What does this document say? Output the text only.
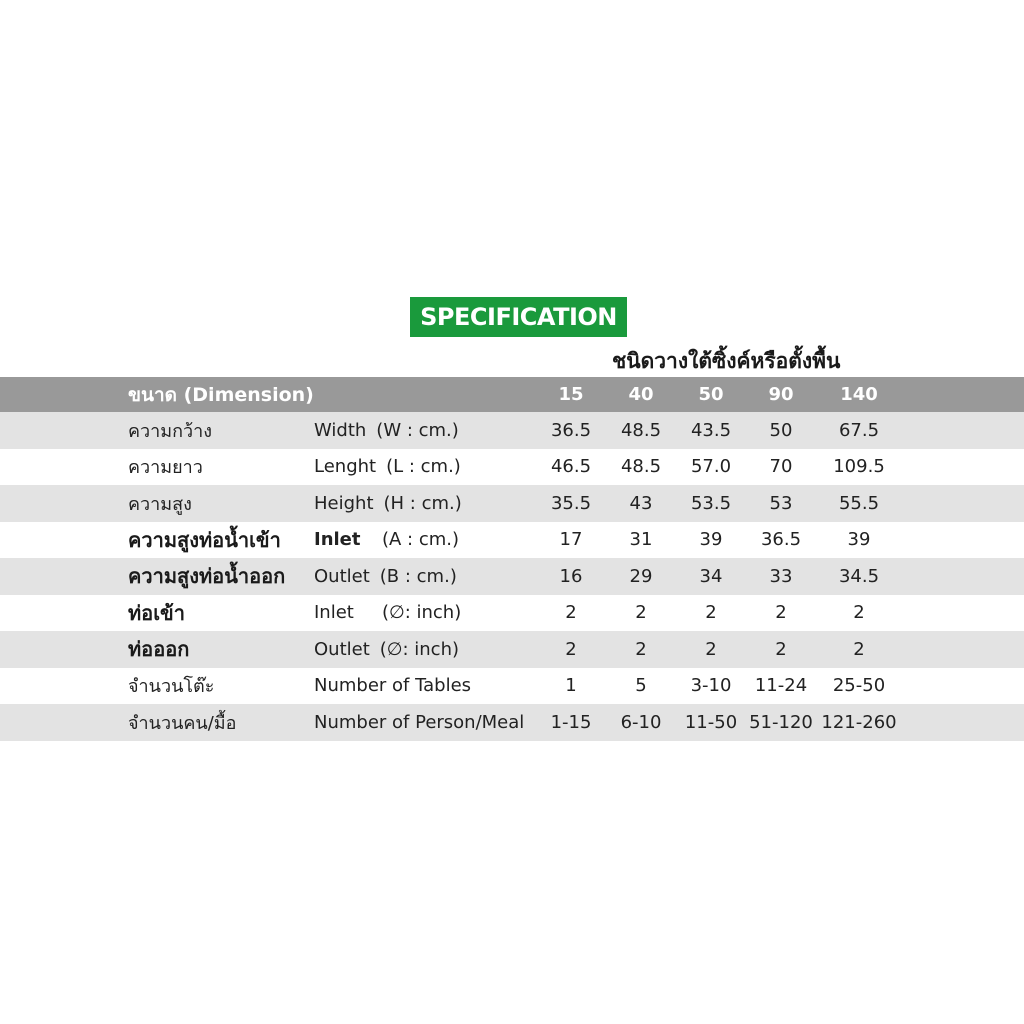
SPECIFICATION
ชนิดวางใต้ซิ้งค์หรือตั้งพื้น
ขนาด (Dimension)	15	40	50	90	140
ความกว้าง	Width (W : cm.)	36.5	48.5	43.5	50	67.5
ความยาว	Lenght (L : cm.)	46.5	48.5	57.0	70	109.5
ความสูง	Height (H : cm.)	35.5	43	53.5	53	55.5
ความสูงท่อน้ำเข้า	Inlet (A : cm.)	17	31	39	36.5	39
ความสูงท่อน้ำออก	Outlet (B : cm.)	16	29	34	33	34.5
ท่อเข้า	Inlet (∅: inch)	2	2	2	2	2
ท่อออก	Outlet (∅: inch)	2	2	2	2	2
จำนวนโต๊ะ	Number of Tables	1	5	3-10	11-24	25-50
จำนวนคน/มื้อ	Number of Person/Meal	1-15	6-10	11-50 51-120 121-260
